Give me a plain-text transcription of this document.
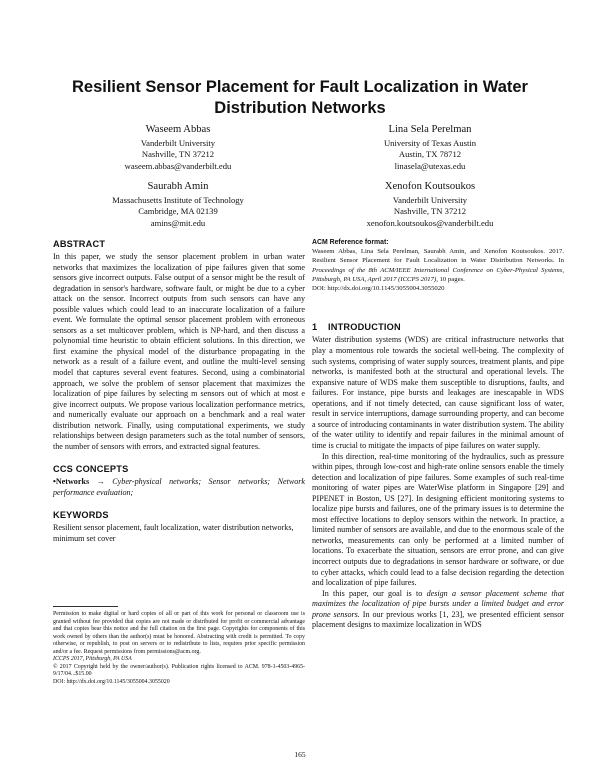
Resilient Sensor Placement for Fault Localization in Water Distribution Networks
Waseem Abbas
Vanderbilt University
Nashville, TN 37212
waseem.abbas@vanderbilt.edu
Lina Sela Perelman
University of Texas Austin
Austin, TX 78712
linasela@utexas.edu
Saurabh Amin
Massachusetts Institute of Technology
Cambridge, MA 02139
amins@mit.edu
Xenofon Koutsoukos
Vanderbilt University
Nashville, TN 37212
xenofon.koutsoukos@vanderbilt.edu
ABSTRACT

In this paper, we study the sensor placement problem in urban water networks that maximizes the localization of pipe failures given that some sensors give incorrect outputs. False output of a sensor might be the result of degradation in sensor's hardware, software fault, or might be due to a cyber attack on the sensor. Incorrect outputs from such sensors can have any possible values which could lead to an inaccurate localization of a failure event. We formulate the optimal sensor placement problem with erroneous sensors as a set multicover problem, which is NP-hard, and then discuss a polynomial time heuristic to obtain efficient solutions. In this direction, we first examine the physical model of the disturbance propagating in the network as a result of a failure event, and outline the multi-level sensing model that captures several event features. Second, using a combinatorial approach, we solve the problem of sensor placement that maximizes the localization of pipe failures by selecting m sensors out of which at most e give incorrect outputs. We propose various localization performance metrics, and numerically evaluate our approach on a benchmark and a real water distribution network. Finally, using computational experiments, we study relationships between design parameters such as the total number of sensors, the number of sensors with errors, and extracted signal features.

CCS CONCEPTS

•Networks → Cyber-physical networks; Sensor networks; Network performance evaluation;

KEYWORDS

Resilient sensor placement, fault localization, water distribution networks, minimum set cover

Permission to make digital or hard copies of all or part of this work for personal or classroom use is granted without fee provided that copies are not made or distributed for profit or commercial advantage and that copies bear this notice and the full citation on the first page. Copyrights for components of this work owned by others than the author(s) must be honored. Abstracting with credit is permitted. To copy otherwise, or republish, to post on servers or to redistribute to lists, requires prior specific permission and/or a fee. Request permissions from permissions@acm.org.
ICCPS 2017, Pittsburgh, PA USA
© 2017 Copyright held by the owner/author(s). Publication rights licensed to ACM. 978-1-4503-4965-9/17/04...$15.00
DOI: http://dx.doi.org/10.1145/3055004.3055020
ACM Reference format:
Waseem Abbas, Lina Sela Perelman, Saurabh Amin, and Xenofon Koutsoukos. 2017. Resilient Sensor Placement for Fault Localization in Water Distribution Networks. In Proceedings of the 8th ACM/IEEE International Conference on Cyber-Physical Systems, Pittsburgh, PA USA, April 2017 (ICCPS 2017), 10 pages.
DOI: http://dx.doi.org/10.1145/3055004.3055020
1 INTRODUCTION

Water distribution systems (WDS) are critical infrastructure networks that play a momentous role towards the societal well-being. The complexity of such systems, comprising of water supply sources, treatment plants, and pipe networks, is manifested both at the structural and operational levels. The expansive nature of WDS make them susceptible to disruptions, faults, and failures. For instance, pipe bursts and leakages are inescapable in WDS operations, and if not timely detected, can cause significant loss of water, result in service interruptions, damage surrounding property, and can become a source of introducing contaminants in water distribution system. The ability of the water utility to identify and repair failures in the minimal amount of time is crucial to mitigate the impacts of pipe failures on water supply.

In this direction, real-time monitoring of the hydraulics, such as pressure within pipes, through low-cost and high-rate online sensors enable the timely detection and localization of pipe failures. Some examples of such real-time monitoring of water pipes are WaterWise platform in Singapore [29] and PIPENET in Boston, US [27]. In designing efficient monitoring systems to localize pipe bursts and failures, one of the primary issues is to determine the most effective locations to deploy sensors within the network. In practice, a limited number of sensors are available, and due to the enormous scale of the networks, measurements can only be performed at a limited number of locations. To exacerbate the situation, sensors are error prone, and can give incorrect outputs due to degradations in sensor hardware or software, or due to cyber attacks, which could lead to a false decision regarding the detection and localization of pipe failures.

In this paper, our goal is to design a sensor placement scheme that maximizes the localization of pipe bursts under a limited budget and error prone sensors. In our previous works [1, 23], we presented efficient sensor placement designs to maximize localization in WDS

165
